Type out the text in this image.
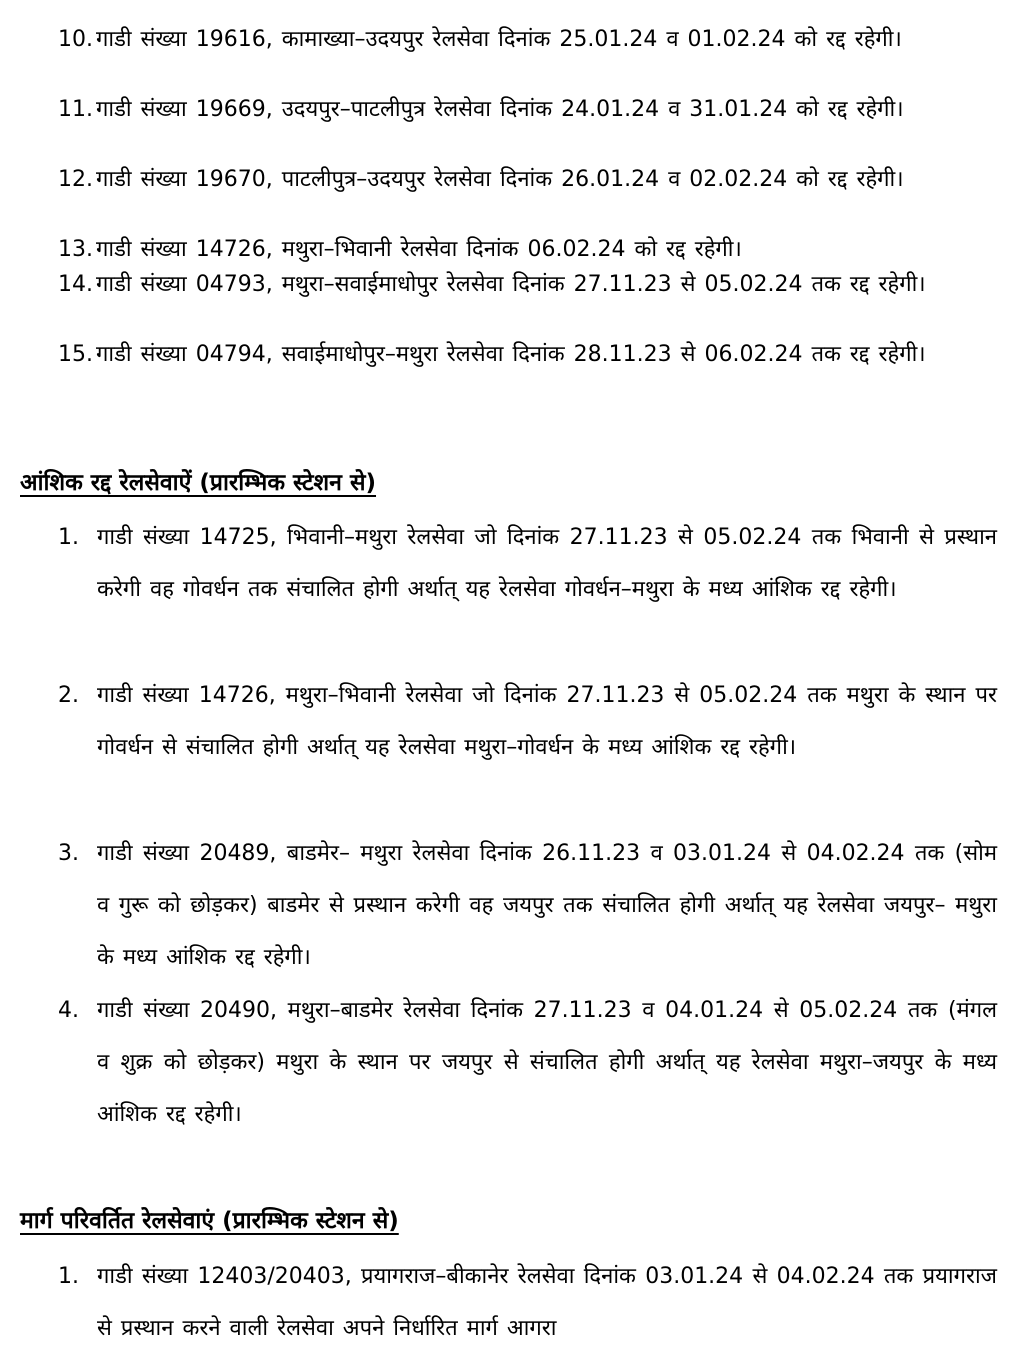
10. गाडी संख्या 19616, कामाख्या–उदयपुर रेलसेवा दिनांक 25.01.24 व 01.02.24 को रद्द रहेगी।
11. गाडी संख्या 19669, उदयपुर–पाटलीपुत्र रेलसेवा दिनांक 24.01.24 व 31.01.24 को रद्द रहेगी।
12. गाडी संख्या 19670, पाटलीपुत्र–उदयपुर रेलसेवा दिनांक 26.01.24 व 02.02.24 को रद्द रहेगी।
13. गाडी संख्या 14726, मथुरा–भिवानी रेलसेवा दिनांक 06.02.24 को रद्द रहेगी।
14. गाडी संख्या 04793, मथुरा–सवाईमाधोपुर रेलसेवा दिनांक 27.11.23 से 05.02.24 तक रद्द रहेगी।
15. गाडी संख्या 04794, सवाईमाधोपुर–मथुरा रेलसेवा दिनांक 28.11.23 से 06.02.24 तक रद्द रहेगी।
आंशिक रद्द रेलसेवाऐं (प्रारम्भिक स्टेशन से)
1. गाडी संख्या 14725, भिवानी–मथुरा रेलसेवा जो दिनांक 27.11.23 से 05.02.24 तक भिवानी से प्रस्थान करेगी वह गोवर्धन तक संचालित होगी अर्थात् यह रेलसेवा गोवर्धन–मथुरा के मध्य आंशिक रद्द रहेगी।
2. गाडी संख्या 14726, मथुरा–भिवानी रेलसेवा जो दिनांक 27.11.23 से 05.02.24 तक मथुरा के स्थान पर गोवर्धन से संचालित होगी अर्थात् यह रेलसेवा मथुरा–गोवर्धन के मध्य आंशिक रद्द रहेगी।
3. गाडी संख्या 20489, बाडमेर– मथुरा रेलसेवा दिनांक 26.11.23 व 03.01.24 से 04.02.24 तक (सोम व गुरू को छोड़कर) बाडमेर से प्रस्थान करेगी वह जयपुर तक संचालित होगी अर्थात् यह रेलसेवा जयपुर– मथुरा के मध्य आंशिक रद्द रहेगी।
4. गाडी संख्या 20490, मथुरा–बाडमेर रेलसेवा दिनांक 27.11.23 व 04.01.24 से 05.02.24 तक (मंगल व शुक्र को छोड़कर) मथुरा के स्थान पर जयपुर से संचालित होगी अर्थात् यह रेलसेवा मथुरा–जयपुर के मध्य आंशिक रद्द रहेगी।
मार्ग परिवर्तित रेलसेवाएं (प्रारम्भिक स्टेशन से)
1. गाडी संख्या 12403/20403, प्रयागराज–बीकानेर रेलसेवा दिनांक 03.01.24 से 04.02.24 तक प्रयागराज से प्रस्थान करने वाली रेलसेवा अपने निर्धारित मार्ग आगरा
